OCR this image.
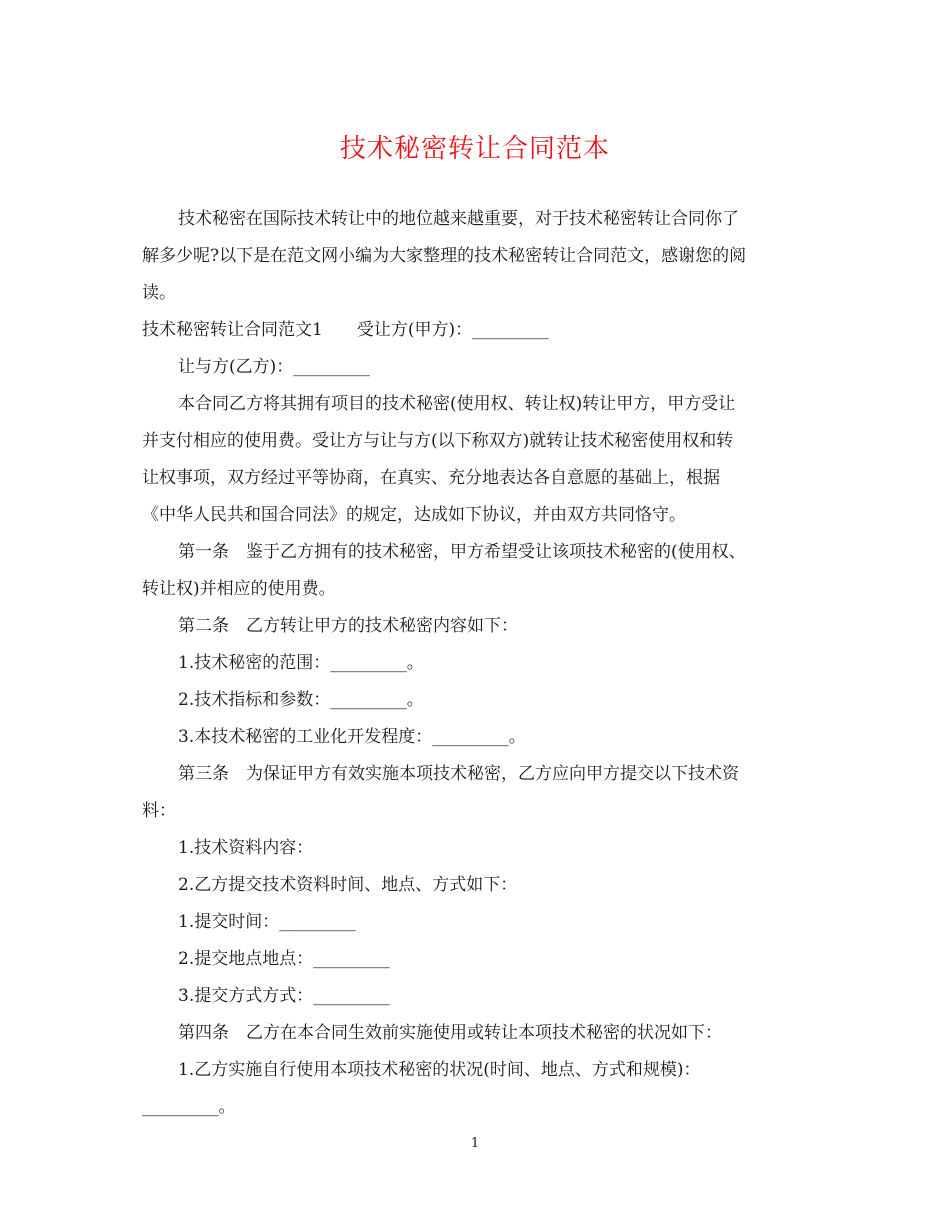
技术秘密转让合同范本
技术秘密在国际技术转让中的地位越来越重要，对于技术秘密转让合同你了
解多少呢?以下是在范文网小编为大家整理的技术秘密转让合同范文，感谢您的阅
读。
技术秘密转让合同范文1　　受让方(甲方)：_________
让与方(乙方)：_________
本合同乙方将其拥有项目的技术秘密(使用权、转让权)转让甲方，甲方受让
并支付相应的使用费。受让方与让与方(以下称双方)就转让技术秘密使用权和转
让权事项，双方经过平等协商，在真实、充分地表达各自意愿的基础上，根据
《中华人民共和国合同法》的规定，达成如下协议，并由双方共同恪守。
第一条　鉴于乙方拥有的技术秘密，甲方希望受让该项技术秘密的(使用权、
转让权)并相应的使用费。
第二条　乙方转让甲方的技术秘密内容如下：
1.技术秘密的范围：_________。
2.技术指标和参数：_________。
3.本技术秘密的工业化开发程度：_________。
第三条　为保证甲方有效实施本项技术秘密，乙方应向甲方提交以下技术资
料：
1.技术资料内容：
2.乙方提交技术资料时间、地点、方式如下：
1.提交时间：_________
2.提交地点地点：_________
3.提交方式方式：_________
第四条　乙方在本合同生效前实施使用或转让本项技术秘密的状况如下：
1.乙方实施自行使用本项技术秘密的状况(时间、地点、方式和规模)：
_________。
1
